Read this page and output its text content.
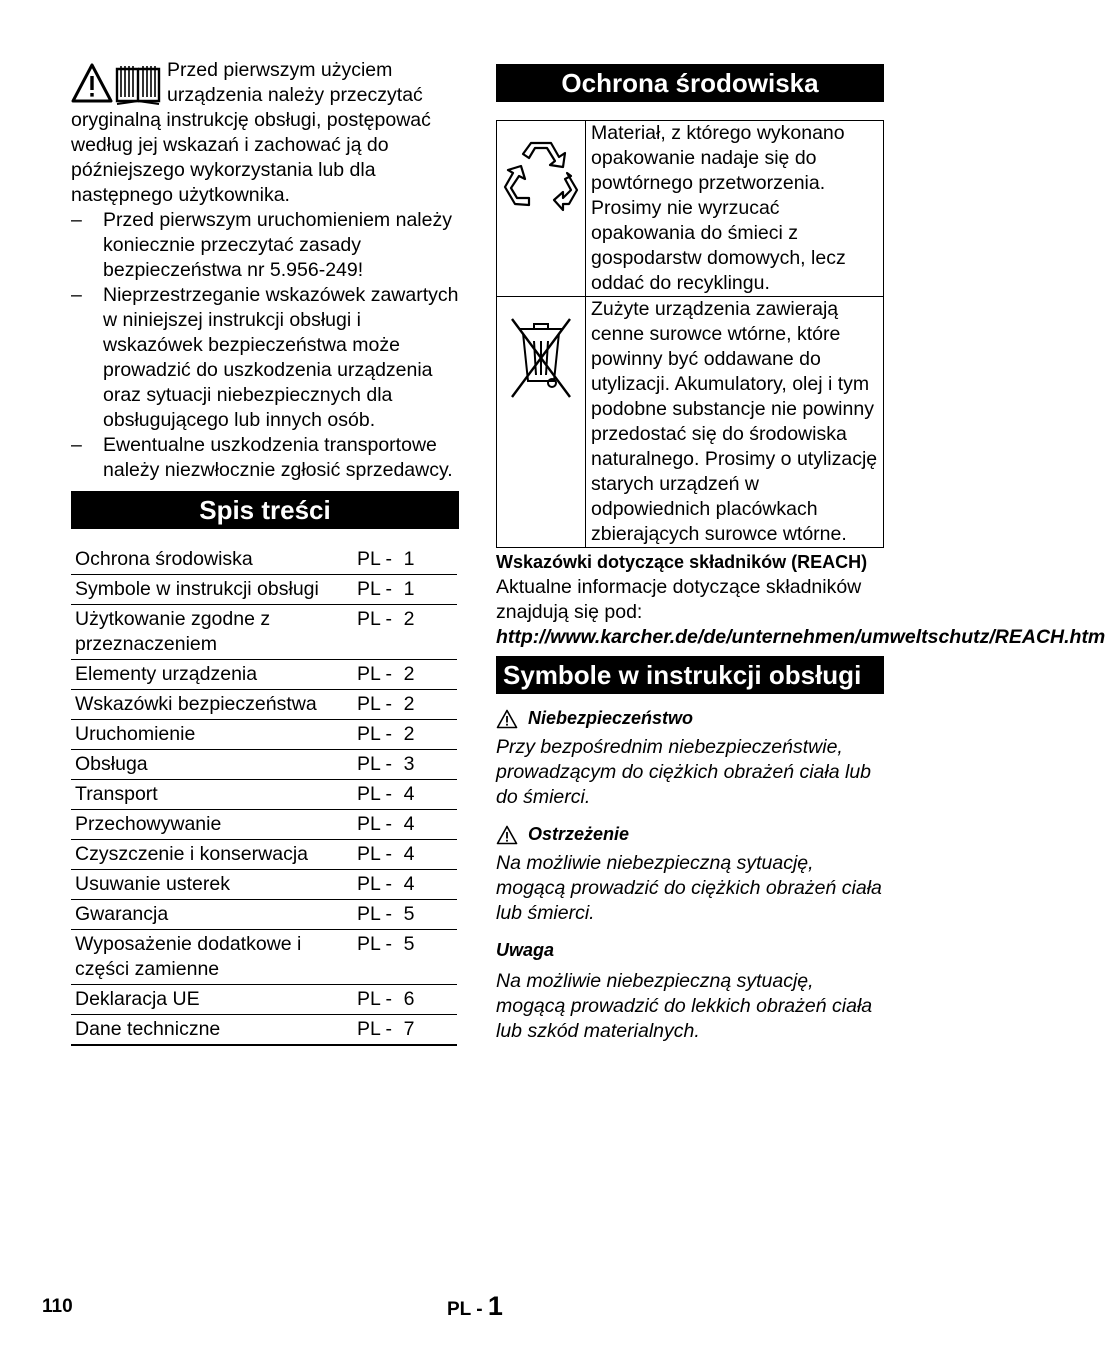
Przed pierwszym użyciem urządzenia należy przeczytać oryginalną instrukcję obsługi, postępować według jej wskazań i zachować ją do późniejszego wykorzystania lub dla następnego użytkownika.

– Przed pierwszym uruchomieniem należy koniecznie przeczytać zasady bezpieczeństwa nr 5.956-249!
– Nieprzestrzeganie wskazówek zawartych w niniejszej instrukcji obsługi i wskazówek bezpieczeństwa może prowadzić do uszkodzenia urządzenia oraz sytuacji niebezpiecznych dla obsługującego lub innych osób.
– Ewentualne uszkodzenia transportowe należy niezwłocznie zgłosić sprzedawcy.
Spis treści
Ochrona środowiska	PL - 1
Symbole w instrukcji obsługi	PL - 1
Użytkowanie zgodne z przeznaczeniem	PL - 2
Elementy urządzenia	PL - 2
Wskazówki bezpieczeństwa	PL - 2
Uruchomienie	PL - 2
Obsługa	PL - 3
Transport	PL - 4
Przechowywanie	PL - 4
Czyszczenie i konserwacja	PL - 4
Usuwanie usterek	PL - 4
Gwarancja	PL - 5
Wyposażenie dodatkowe i części zamienne	PL - 5
Deklaracja UE	PL - 6
Dane techniczne	PL - 7
Ochrona środowiska
	Materiał, z którego wykonano opakowanie nadaje się do powtórnego przetworzenia. Prosimy nie wyrzucać opakowania do śmieci z gospodarstw domowych, lecz oddać do recyklingu.
	Zużyte urządzenia zawierają cenne surowce wtórne, które powinny być oddawane do utylizacji. Akumulatory, olej i tym podobne substancje nie powinny przedostać się do środowiska naturalnego. Prosimy o utylizację starych urządzeń w odpowiednich placówkach zbierających surowce wtórne.

Wskazówki dotyczące składników (REACH)

Aktualne informacje dotyczące składników znajdują się pod:

http://www.karcher.de/de/unternehmen/umweltschutz/REACH.htm

Symbole w instrukcji obsługi
Niebezpieczeństwo

Przy bezpośrednim niebezpieczeństwie, prowadzącym do ciężkich obrażeń ciała lub do śmierci.

Ostrzeżenie

Na możliwie niebezpieczną sytuację, mogącą prowadzić do ciężkich obrażeń ciała lub śmierci.

Uwaga

Na możliwie niebezpieczną sytuację, mogącą prowadzić do lekkich obrażeń ciała lub szkód materialnych.

110	PL - 1
